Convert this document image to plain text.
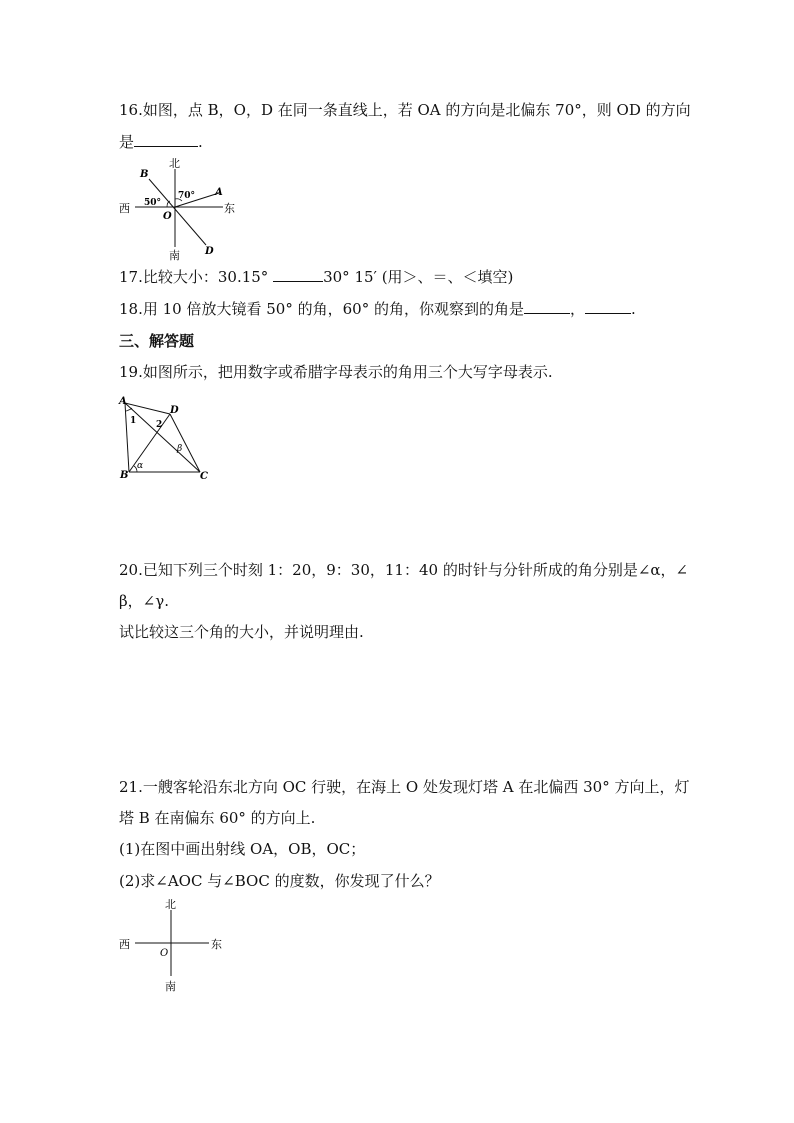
16.如图，点 B，O，D 在同一条直线上，若 OA 的方向是北偏东 70°，则 OD 的方向
是	.
北
南
西	东
A
B
O
D
70°
50°
17.比较大小：30.15°	30° 15′ (用＞、＝、＜填空)
18.用 10 倍放大镜看 50° 的角，60° 的角，你观察到的角是	，	.
三、解答题
19.如图所示，把用数字或希腊字母表示的角用三个大写字母表示.
A
B	C
D
1 2
α
β
20.已知下列三个时刻 1：20，9：30，11：40 的时针与分针所成的角分别是∠α，∠
β，∠γ.
试比较这三个角的大小，并说明理由.
21.一艘客轮沿东北方向 OC 行驶，在海上 O 处发现灯塔 A 在北偏西 30° 方向上，灯
塔 B 在南偏东 60° 的方向上.
(1)在图中画出射线 OA，OB，OC；
(2)求∠AOC 与∠BOC 的度数，你发现了什么？
北
南
西	东
O
